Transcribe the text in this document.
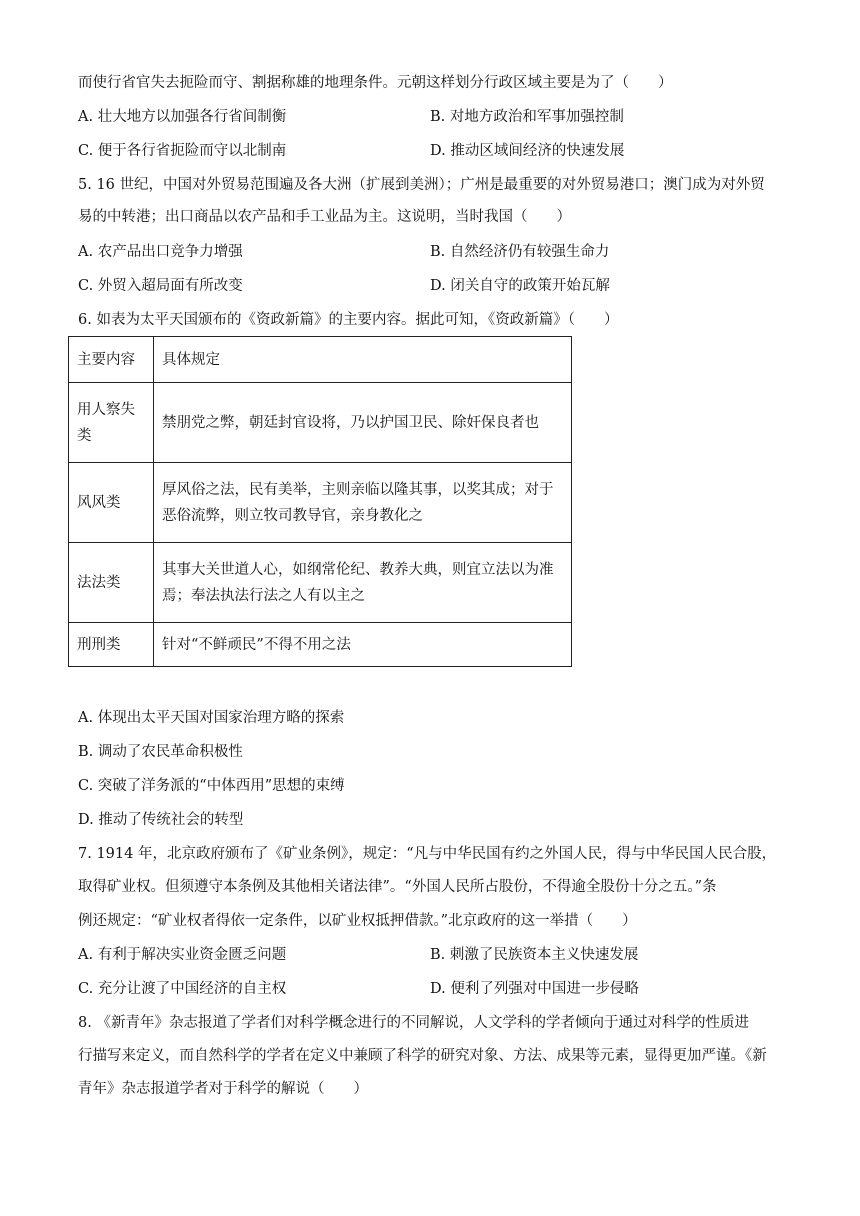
而使行省官失去扼险而守、割据称雄的地理条件。元朝这样划分行政区域主要是为了（　　）
A. 壮大地方以加强各行省间制衡	B. 对地方政治和军事加强控制
C. 便于各行省扼险而守以北制南	D. 推动区域间经济的快速发展
5. 16 世纪，中国对外贸易范围遍及各大洲（扩展到美洲）；广州是最重要的对外贸易港口；澳门成为对外贸
易的中转港；出口商品以农产品和手工业品为主。这说明，当时我国（　　）
A. 农产品出口竞争力增强	B. 自然经济仍有较强生命力
C. 外贸入超局面有所改变	D. 闭关自守的政策开始瓦解
6. 如表为太平天国颁布的《资政新篇》的主要内容。据此可知，《资政新篇》（　　）
主要内容	具体规定

用人察失
类	禁朋党之弊，朝廷封官设将，乃以护国卫民、除奸保良者也

风风类	厚风俗之法，民有美举，主则亲临以隆其事，以奖其成；对于
恶俗流弊，则立牧司教导官，亲身教化之

法法类	其事大关世道人心，如纲常伦纪、教养大典，则宜立法以为准
焉；奉法执法行法之人有以主之

刑刑类	针对“不鲜顽民”不得不用之法
A. 体现出太平天国对国家治理方略的探索
B. 调动了农民革命积极性
C. 突破了洋务派的“中体西用”思想的束缚
D. 推动了传统社会的转型
7. 1914 年，北京政府颁布了《矿业条例》，规定：“凡与中华民国有约之外国人民，得与中华民国人民合股，
取得矿业权。但须遵守本条例及其他相关诸法律”。“外国人民所占股份，不得逾全股份十分之五。”条
例还规定：“矿业权者得依一定条件，以矿业权抵押借款。”北京政府的这一举措（　　）
A. 有利于解决实业资金匮乏问题	B. 刺激了民族资本主义快速发展
C. 充分让渡了中国经济的自主权	D. 便利了列强对中国进一步侵略
8. 《新青年》杂志报道了学者们对科学概念进行的不同解说，人文学科的学者倾向于通过对科学的性质进
行描写来定义，而自然科学的学者在定义中兼顾了科学的研究对象、方法、成果等元素，显得更加严谨。《新
青年》杂志报道学者对于科学的解说（　　）
